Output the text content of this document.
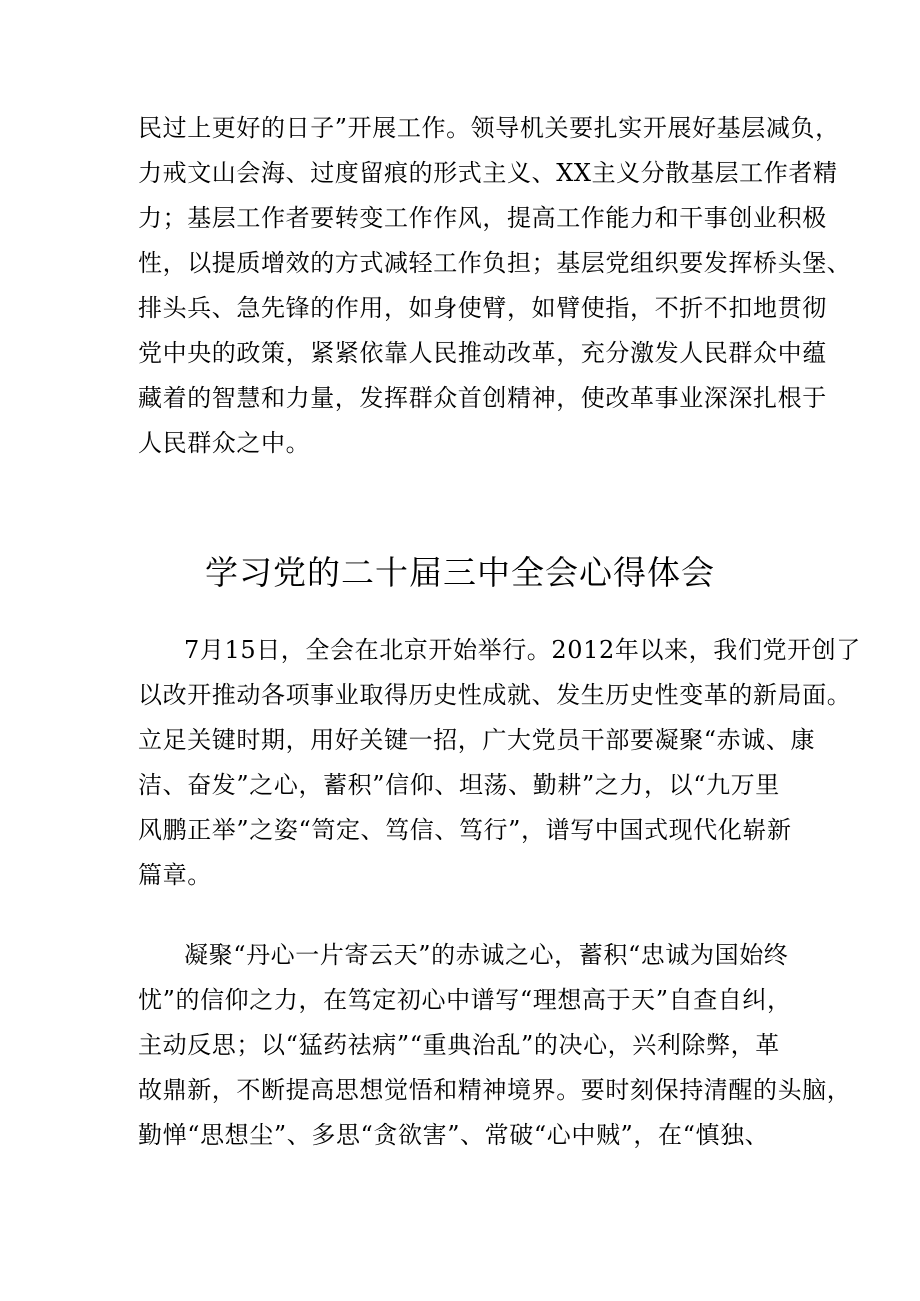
民过上更好的日子”开展工作。领导机关要扎实开展好基层减负，
力戒文山会海、过度留痕的形式主义、XX主义分散基层工作者精
力；基层工作者要转变工作作风，提高工作能力和干事创业积极
性，以提质增效的方式减轻工作负担；基层党组织要发挥桥头堡、
排头兵、急先锋的作用，如身使臂，如臂使指，不折不扣地贯彻
党中央的政策，紧紧依靠人民推动改革，充分激发人民群众中蕴
藏着的智慧和力量，发挥群众首创精神，使改革事业深深扎根于
人民群众之中。
学习党的二十届三中全会心得体会
7月15日，全会在北京开始举行。2012年以来，我们党开创了
以改开推动各项事业取得历史性成就、发生历史性变革的新局面。
立足关键时期，用好关键一招，广大党员干部要凝聚“赤诚、康
洁、奋发”之心，蓄积”信仰、坦荡、勤耕”之力，以“九万里
风鹏正举”之姿“笥定、笃信、笃行”，谱写中国式现代化崭新
篇章。
凝聚“丹心一片寄云天”的赤诚之心，蓄积“忠诚为国始终
忧”的信仰之力，在笃定初心中谱写“理想高于天”自查自纠，
主动反思；以“猛药祛病”“重典治乱”的决心，兴利除弊，革
故鼎新，不断提高思想觉悟和精神境界。要时刻保持清醒的头脑，
勤惮“思想尘”、多思“贪欲害”、常破“心中贼”，在“慎独、
